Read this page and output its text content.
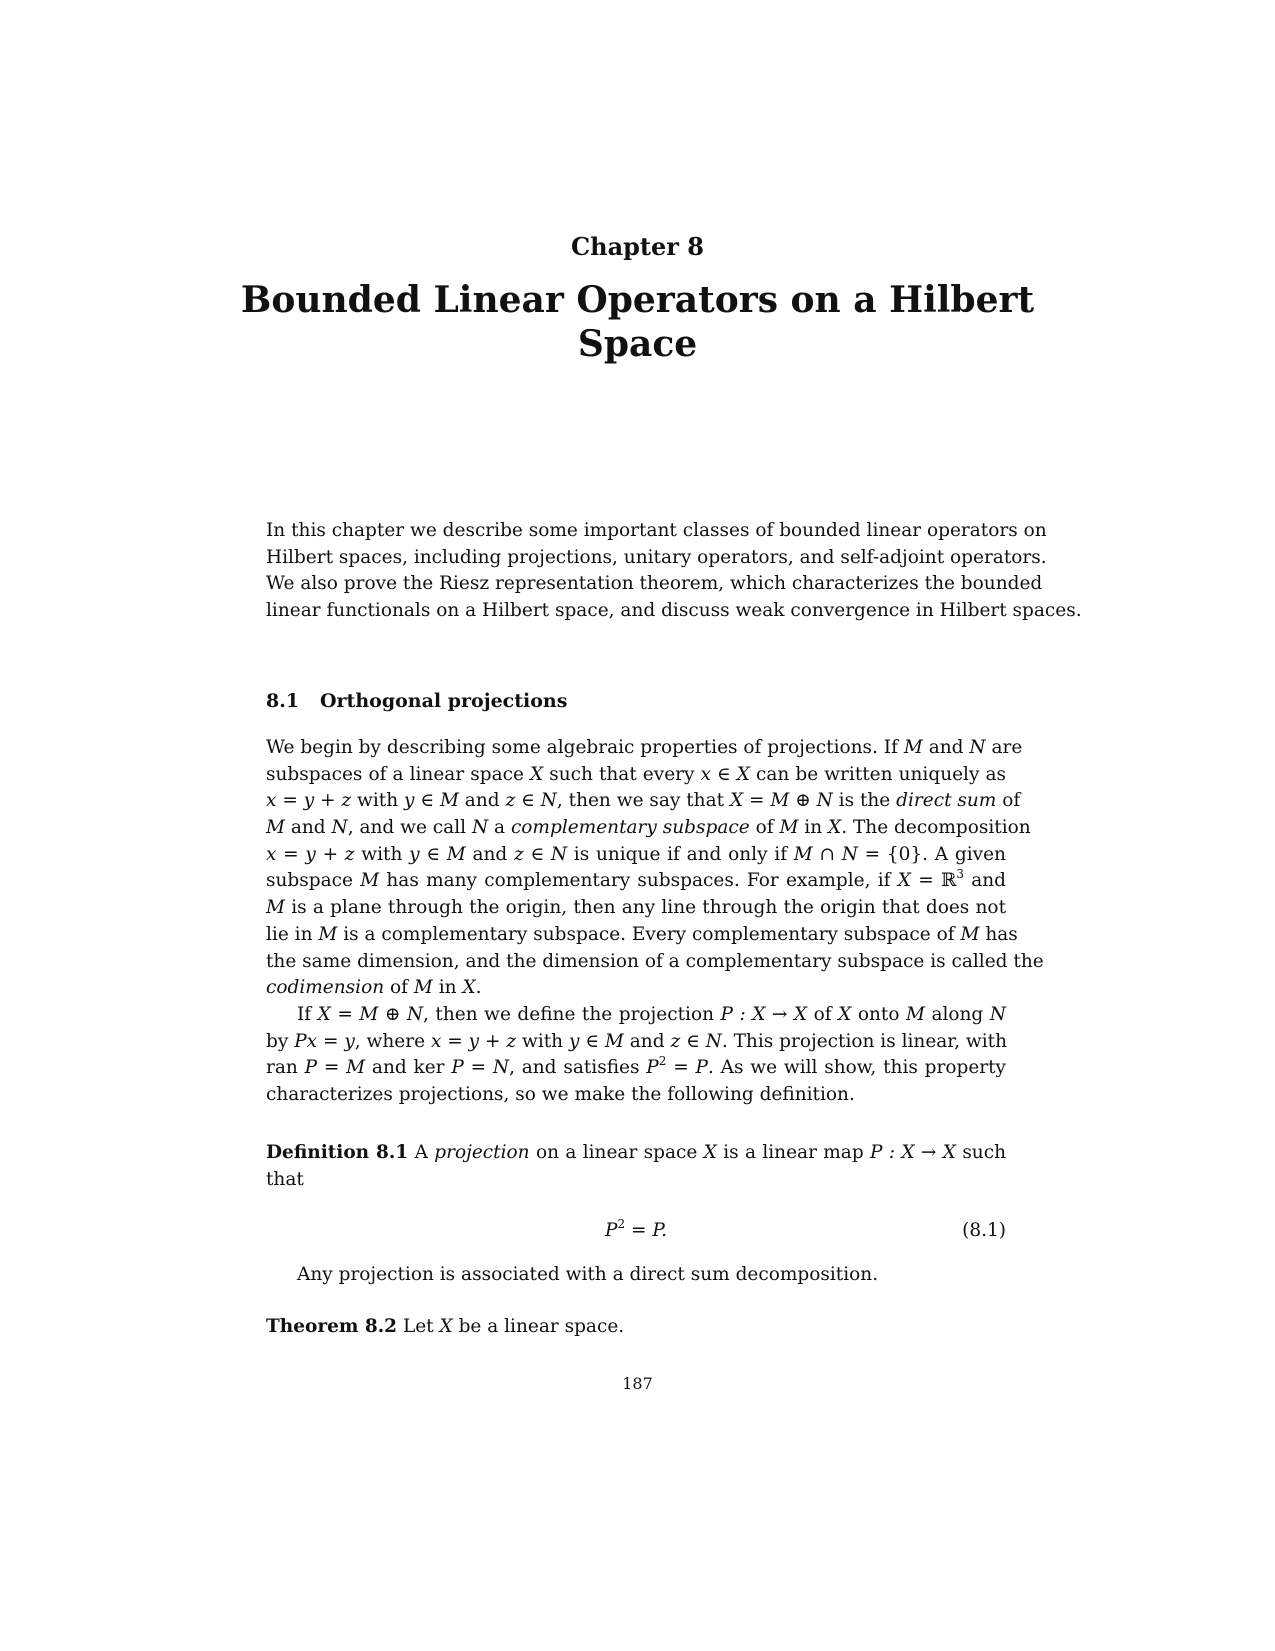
Chapter 8
Bounded Linear Operators on a Hilbert
Space
In this chapter we describe some important classes of bounded linear operators on
Hilbert spaces, including projections, unitary operators, and self-adjoint operators.
We also prove the Riesz representation theorem, which characterizes the bounded
linear functionals on a Hilbert space, and discuss weak convergence in Hilbert spaces.
8.1 Orthogonal projections
We begin by describing some algebraic properties of projections. If M and N are
subspaces of a linear space X such that every x ∈ X can be written uniquely as
x = y + z with y ∈ M and z ∈ N, then we say that X = M ⊕ N is the direct sum of
M and N, and we call N a complementary subspace of M in X. The decomposition
x = y + z with y ∈ M and z ∈ N is unique if and only if M ∩ N = {0}. A given
subspace M has many complementary subspaces. For example, if X = ℝ$^3$ and
M is a plane through the origin, then any line through the origin that does not
lie in M is a complementary subspace. Every complementary subspace of M has
the same dimension, and the dimension of a complementary subspace is called the
codimension of M in X.
If X = M ⊕ N, then we define the projection P : X → X of X onto M along N
by Px = y, where x = y + z with y ∈ M and z ∈ N. This projection is linear, with
ran P = M and ker P = N, and satisfies $P^2 = P$. As we will show, this property
characterizes projections, so we make the following definition.
Definition 8.1 A projection on a linear space X is a linear map P : X → X such
that
$P^2 = P$.	(8.1)
Any projection is associated with a direct sum decomposition.
Theorem 8.2 Let X be a linear space.
187
